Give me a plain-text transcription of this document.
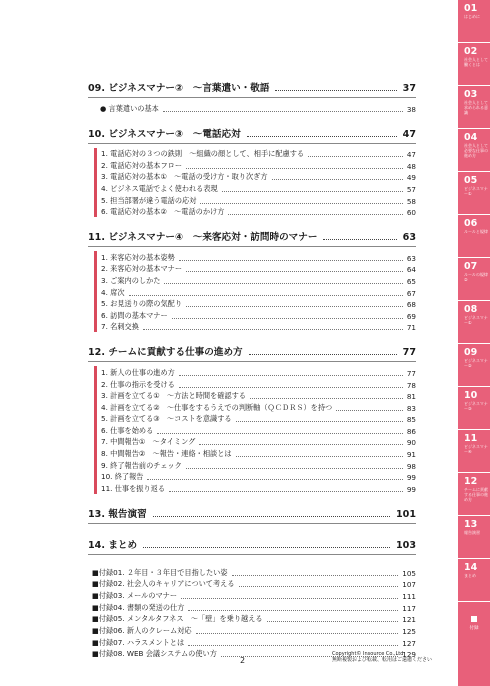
09. ビジネスマナー②　～言葉遣い・敬語	37
● 言葉遣いの基本	38
10. ビジネスマナー③　～電話応対	47
1. 電話応対の３つの鉄則　～組織の顔として、相手に配慮する	47
2. 電話応対の基本フロー	48
3. 電話応対の基本①　～電話の受け方・取り次ぎ方	49
4. ビジネス電話でよく使われる表現	57
5. 担当部署が違う電話の応対	58
6. 電話応対の基本②　～電話のかけ方	60
11. ビジネスマナー④　～来客応対・訪問時のマナー	63
1. 来客応対の基本姿勢	63
2. 来客応対の基本マナー	64
3. ご案内のしかた	65
4. 席次	67
5. お見送りの際の気配り	68
6. 訪問の基本マナー	69
7. 名刺交換	71
12. チームに貢献する仕事の進め方	77
1. 新人の仕事の進め方	77
2. 仕事の指示を受ける	78
3. 計画を立てる①　～方法と時間を確認する	81
4. 計画を立てる②　～仕事をするうえでの判断軸（ＱＣＤＲＳ）を持つ	83
5. 計画を立てる③　～コストを意識する	85
6. 仕事を始める	86
7. 中間報告①　～タイミング	90
8. 中間報告②　～報告・連絡・相談とは	91
9. 終了報告前のチェック	98
10. 終了報告	99
11. 仕事を振り返る	99
13. 報告演習	101
14. まとめ	103
■付録01. ２年目・３年目で目指したい姿	105
■付録02. 社会人のキャリアについて考える	107
■付録03. メールのマナー	111
■付録04. 書類の発送の仕方	117
■付録05. メンタルタフネス　～「壁」を乗り越える	121
■付録06. 新人のクレーム対応	125
■付録07. ハラスメントとは	127
■付録08. WEB 会議システムの使い方	129
2
Copyright© Insource Co.,Ltd
無断複製および転載、転用はご遠慮ください
01
はじめに
02
社会人として働くとは
03
社会人として求められる意識
04
社会人として必要な仕事の進め方
05
ビジネスマナー①
06
ルールと規律
07
ルールの規律②
08
ビジネスマナー①
09
ビジネスマナー②
10
ビジネスマナー③
11
ビジネスマナー④
12
チームに貢献する仕事の進め方
13
報告演習
14
まとめ
付録
